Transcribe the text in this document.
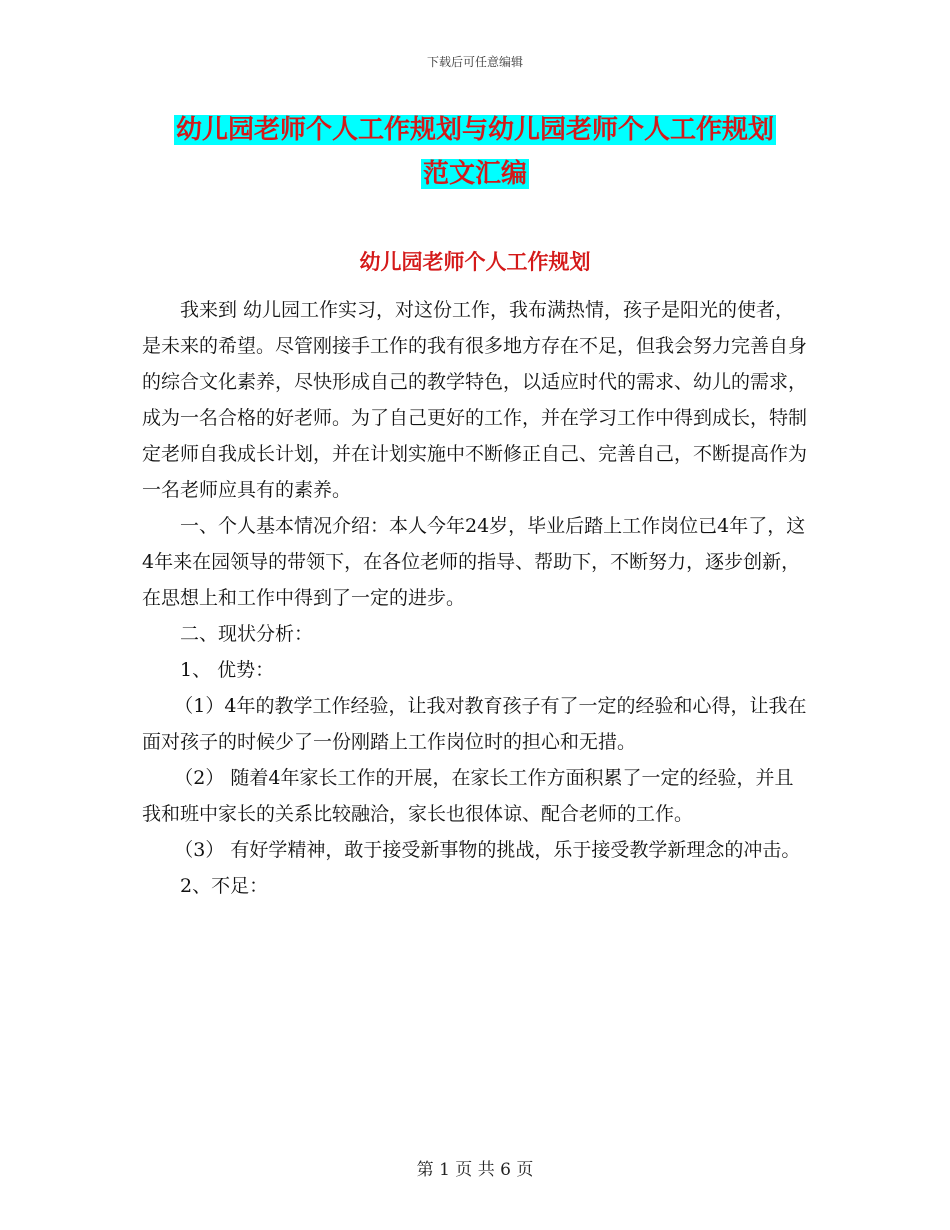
下载后可任意编辑
幼儿园老师个人工作规划与幼儿园老师个人工作规划
范文汇编
幼儿园老师个人工作规划

我来到 幼儿园工作实习，对这份工作，我布满热情，孩子是阳光的使者，是未来的希望。尽管刚接手工作的我有很多地方存在不足，但我会努力完善自身的综合文化素养，尽快形成自己的教学特色，以适应时代的需求、幼儿的需求，成为一名合格的好老师。为了自己更好的工作，并在学习工作中得到成长，特制定老师自我成长计划，并在计划实施中不断修正自己、完善自己，不断提高作为一名老师应具有的素养。

一、个人基本情况介绍：本人今年24岁，毕业后踏上工作岗位已4年了，这4年来在园领导的带领下，在各位老师的指导、帮助下，不断努力，逐步创新，在思想上和工作中得到了一定的进步。

二、现状分析：

1、 优势：

（1）4年的教学工作经验，让我对教育孩子有了一定的经验和心得，让我在面对孩子的时候少了一份刚踏上工作岗位时的担心和无措。

（2） 随着4年家长工作的开展，在家长工作方面积累了一定的经验，并且我和班中家长的关系比较融洽，家长也很体谅、配合老师的工作。

（3） 有好学精神，敢于接受新事物的挑战，乐于接受教学新理念的冲击。

2、不足：

第 1 页 共 6 页
